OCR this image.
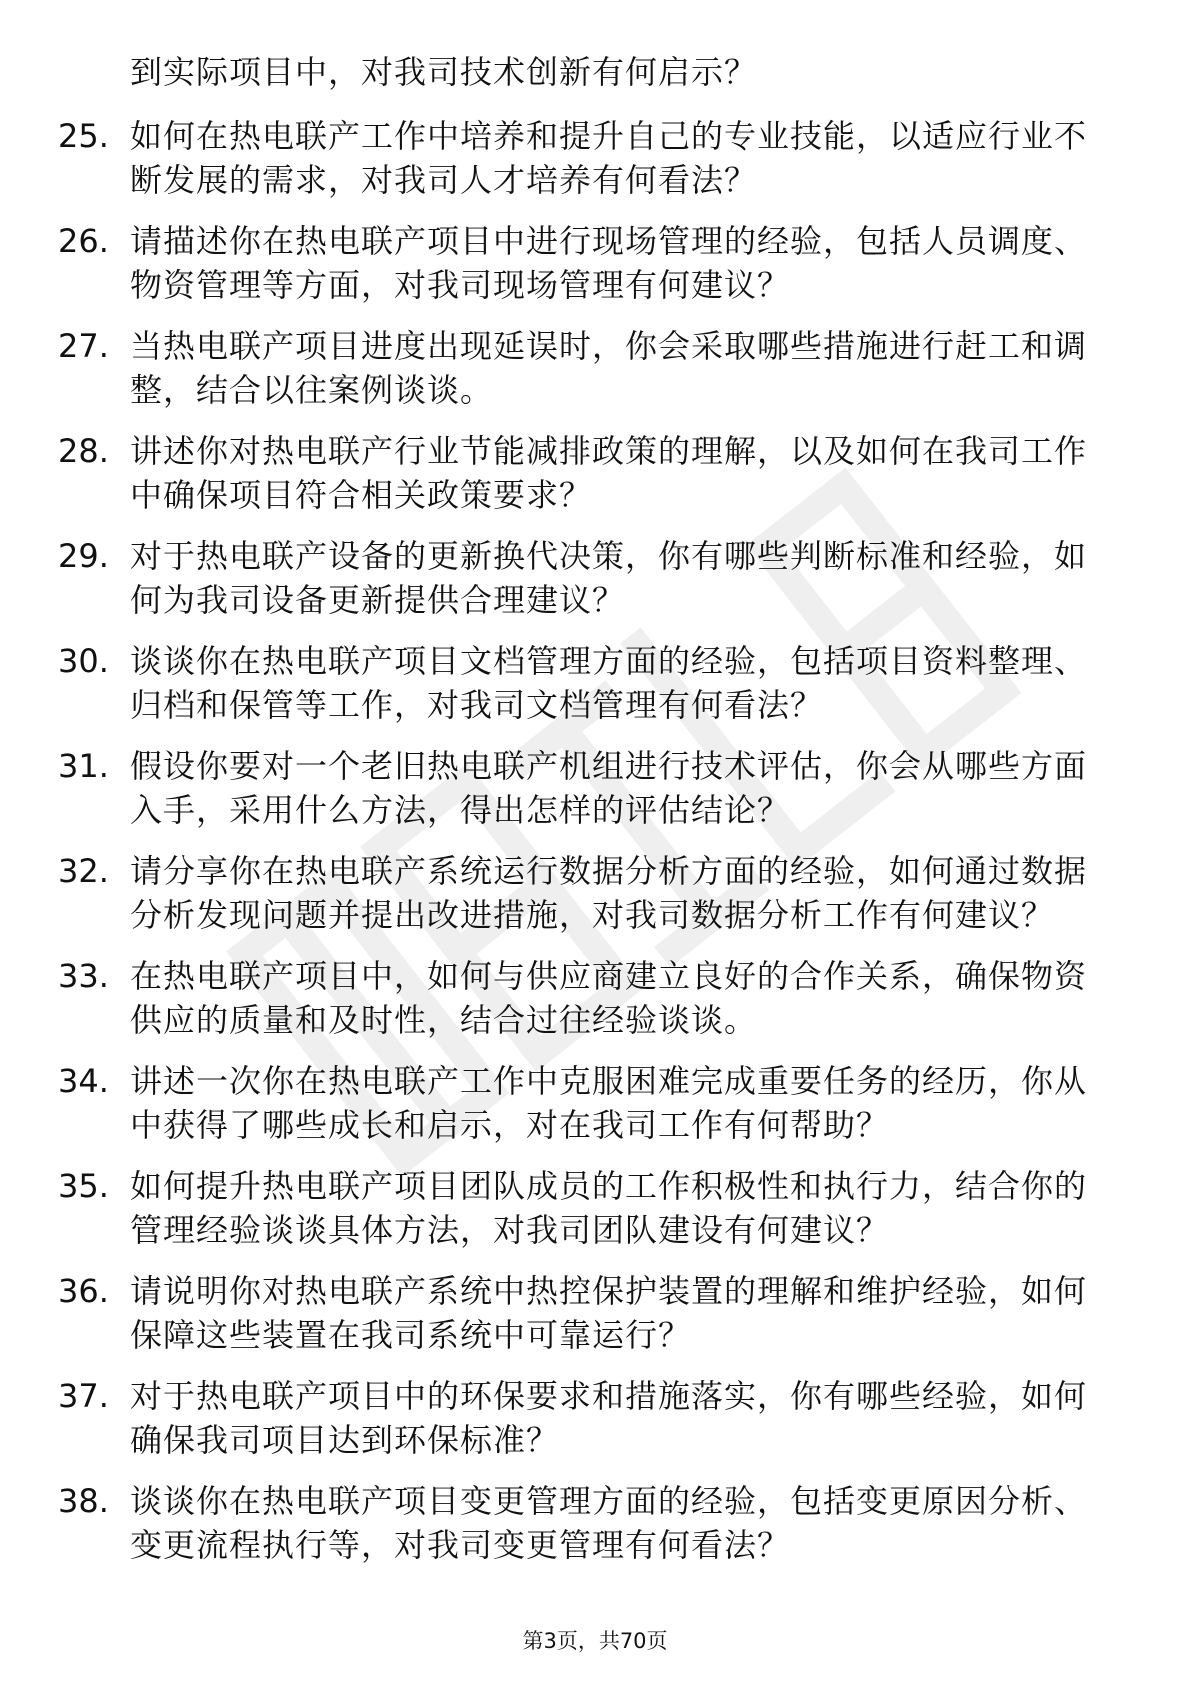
到实际项目中，对我司技术创新有何启示？
25. 如何在热电联产工作中培养和提升自己的专业技能，以适应行业不断发展的需求，对我司人才培养有何看法？
26. 请描述你在热电联产项目中进行现场管理的经验，包括人员调度、物资管理等方面，对我司现场管理有何建议？
27. 当热电联产项目进度出现延误时，你会采取哪些措施进行赶工和调整，结合以往案例谈谈。
28. 讲述你对热电联产行业节能减排政策的理解，以及如何在我司工作中确保项目符合相关政策要求？
29. 对于热电联产设备的更新换代决策，你有哪些判断标准和经验，如何为我司设备更新提供合理建议？
30. 谈谈你在热电联产项目文档管理方面的经验，包括项目资料整理、归档和保管等工作，对我司文档管理有何看法？
31. 假设你要对一个老旧热电联产机组进行技术评估，你会从哪些方面入手，采用什么方法，得出怎样的评估结论？
32. 请分享你在热电联产系统运行数据分析方面的经验，如何通过数据分析发现问题并提出改进措施，对我司数据分析工作有何建议？
33. 在热电联产项目中，如何与供应商建立良好的合作关系，确保物资供应的质量和及时性，结合过往经验谈谈。
34. 讲述一次你在热电联产工作中克服困难完成重要任务的经历，你从中获得了哪些成长和启示，对在我司工作有何帮助？
35. 如何提升热电联产项目团队成员的工作积极性和执行力，结合你的管理经验谈谈具体方法，对我司团队建设有何建议？
36. 请说明你对热电联产系统中热控保护装置的理解和维护经验，如何保障这些装置在我司系统中可靠运行？
37. 对于热电联产项目中的环保要求和措施落实，你有哪些经验，如何确保我司项目达到环保标准？
38. 谈谈你在热电联产项目变更管理方面的经验，包括变更原因分析、变更流程执行等，对我司变更管理有何看法？
第3页，共70页
